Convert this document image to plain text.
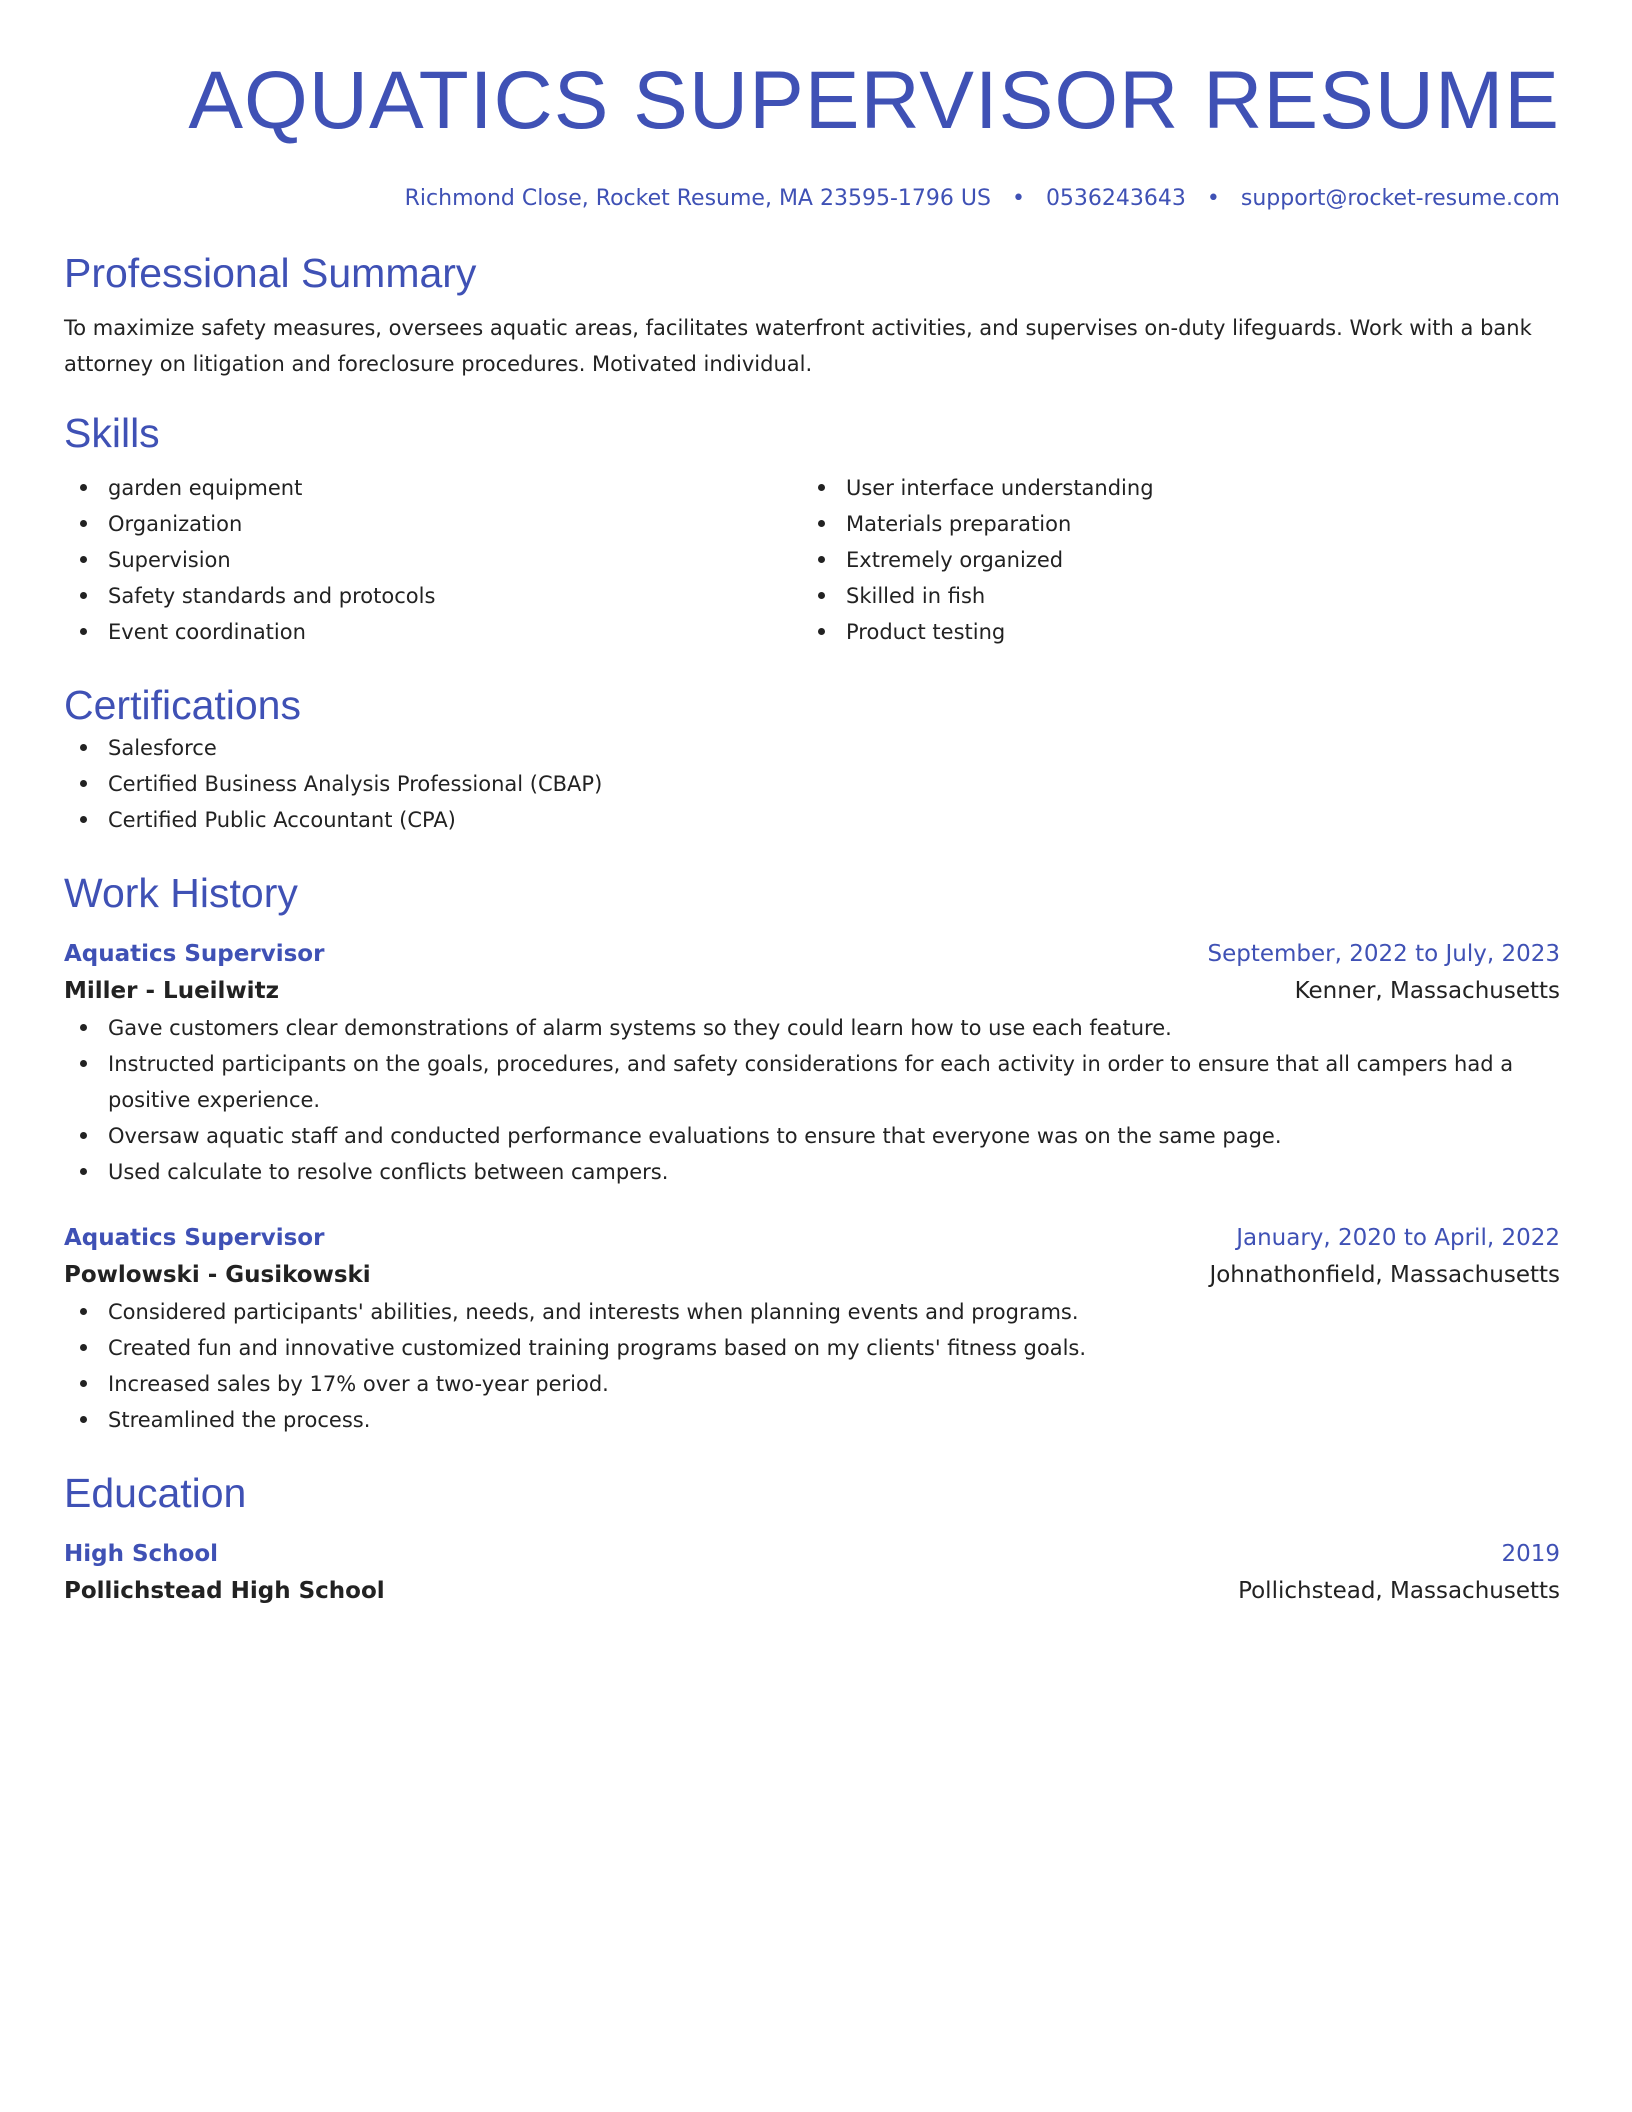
AQUATICS SUPERVISOR RESUME
Richmond Close, Rocket Resume, MA 23595-1796 US • 0536243643 • support@rocket-resume.com
Professional Summary
To maximize safety measures, oversees aquatic areas, facilitates waterfront activities, and supervises on-duty lifeguards. Work with a bank attorney on litigation and foreclosure procedures. Motivated individual.
Skills
garden equipment
Organization
Supervision
Safety standards and protocols
Event coordination
User interface understanding
Materials preparation
Extremely organized
Skilled in fish
Product testing
Certifications
Salesforce
Certified Business Analysis Professional (CBAP)
Certified Public Accountant (CPA)
Work History
Aquatics Supervisor	September, 2022 to July, 2023
Miller - Lueilwitz	Kenner, Massachusetts
Gave customers clear demonstrations of alarm systems so they could learn how to use each feature.
Instructed participants on the goals, procedures, and safety considerations for each activity in order to ensure that all campers had a positive experience.
Oversaw aquatic staff and conducted performance evaluations to ensure that everyone was on the same page.
Used calculate to resolve conflicts between campers.
Aquatics Supervisor	January, 2020 to April, 2022
Powlowski - Gusikowski	Johnathonfield, Massachusetts
Considered participants' abilities, needs, and interests when planning events and programs.
Created fun and innovative customized training programs based on my clients' fitness goals.
Increased sales by 17% over a two-year period.
Streamlined the process.
Education
High School	2019
Pollichstead High School	Pollichstead, Massachusetts
